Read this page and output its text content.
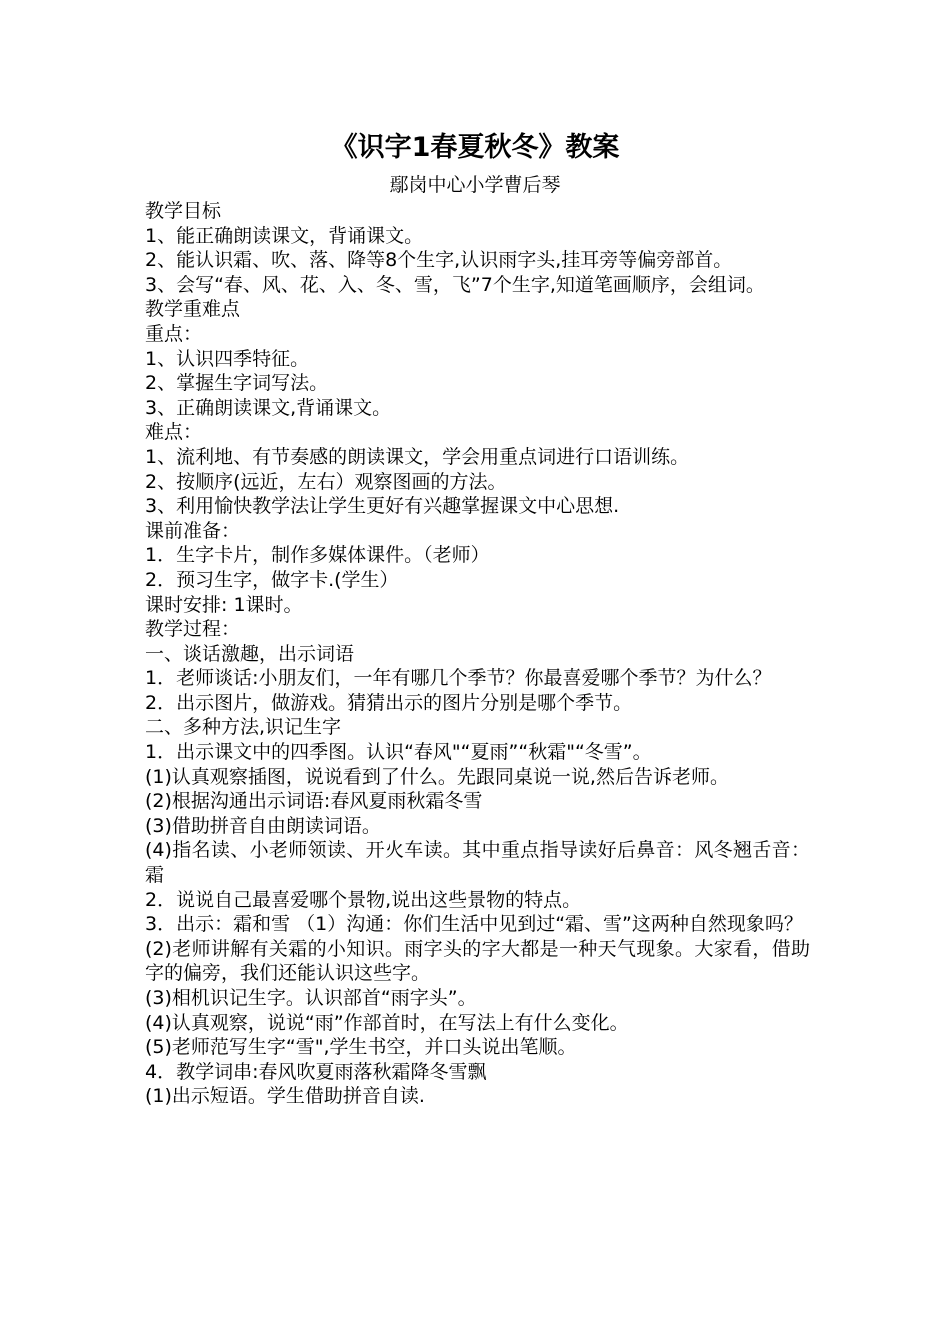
《识字1春夏秋冬》教案
鄢岗中心小学曹后琴

教学目标

1、能正确朗读课文，背诵课文。

2、能认识霜、吹、落、降等8个生字,认识雨字头,挂耳旁等偏旁部首。

3、会写“春、风、花、入、冬、雪，飞”7个生字,知道笔画顺序，会组词。

教学重难点

重点：

1、认识四季特征。

2、掌握生字词写法。

3、正确朗读课文,背诵课文。

难点：

1、流利地、有节奏感的朗读课文，学会用重点词进行口语训练。

2、按顺序(远近，左右）观察图画的方法。

3、利用愉快教学法让学生更好有兴趣掌握课文中心思想.

课前准备：

1．生字卡片，制作多媒体课件。（老师）

2．预习生字，做字卡.(学生）

课时安排: 1课时。

教学过程：

一、谈话激趣，出示词语

1．老师谈话:小朋友们，一年有哪几个季节？你最喜爱哪个季节？为什么？

2．出示图片，做游戏。猜猜出示的图片分别是哪个季节。

二、多种方法,识记生字

1．出示课文中的四季图。认识“春风"“夏雨”“秋霜"“冬雪”。

(1)认真观察插图，说说看到了什么。先跟同桌说一说,然后告诉老师。

(2)根据沟通出示词语:春风夏雨秋霜冬雪

(3)借助拼音自由朗读词语。

(4)指名读、小老师领读、开火车读。其中重点指导读好后鼻音：风冬翘舌音：霜

2．说说自己最喜爱哪个景物,说出这些景物的特点。

3．出示：霜和雪 （1）沟通：你们生活中见到过“霜、雪”这两种自然现象吗？

(2)老师讲解有关霜的小知识。雨字头的字大都是一种天气现象。大家看，借助字的偏旁，我们还能认识这些字。

(3)相机识记生字。认识部首“雨字头”。

(4)认真观察，说说“雨”作部首时，在写法上有什么变化。

(5)老师范写生字“雪",学生书空，并口头说出笔顺。

4．教学词串:春风吹夏雨落秋霜降冬雪飘

(1)出示短语。学生借助拼音自读.
